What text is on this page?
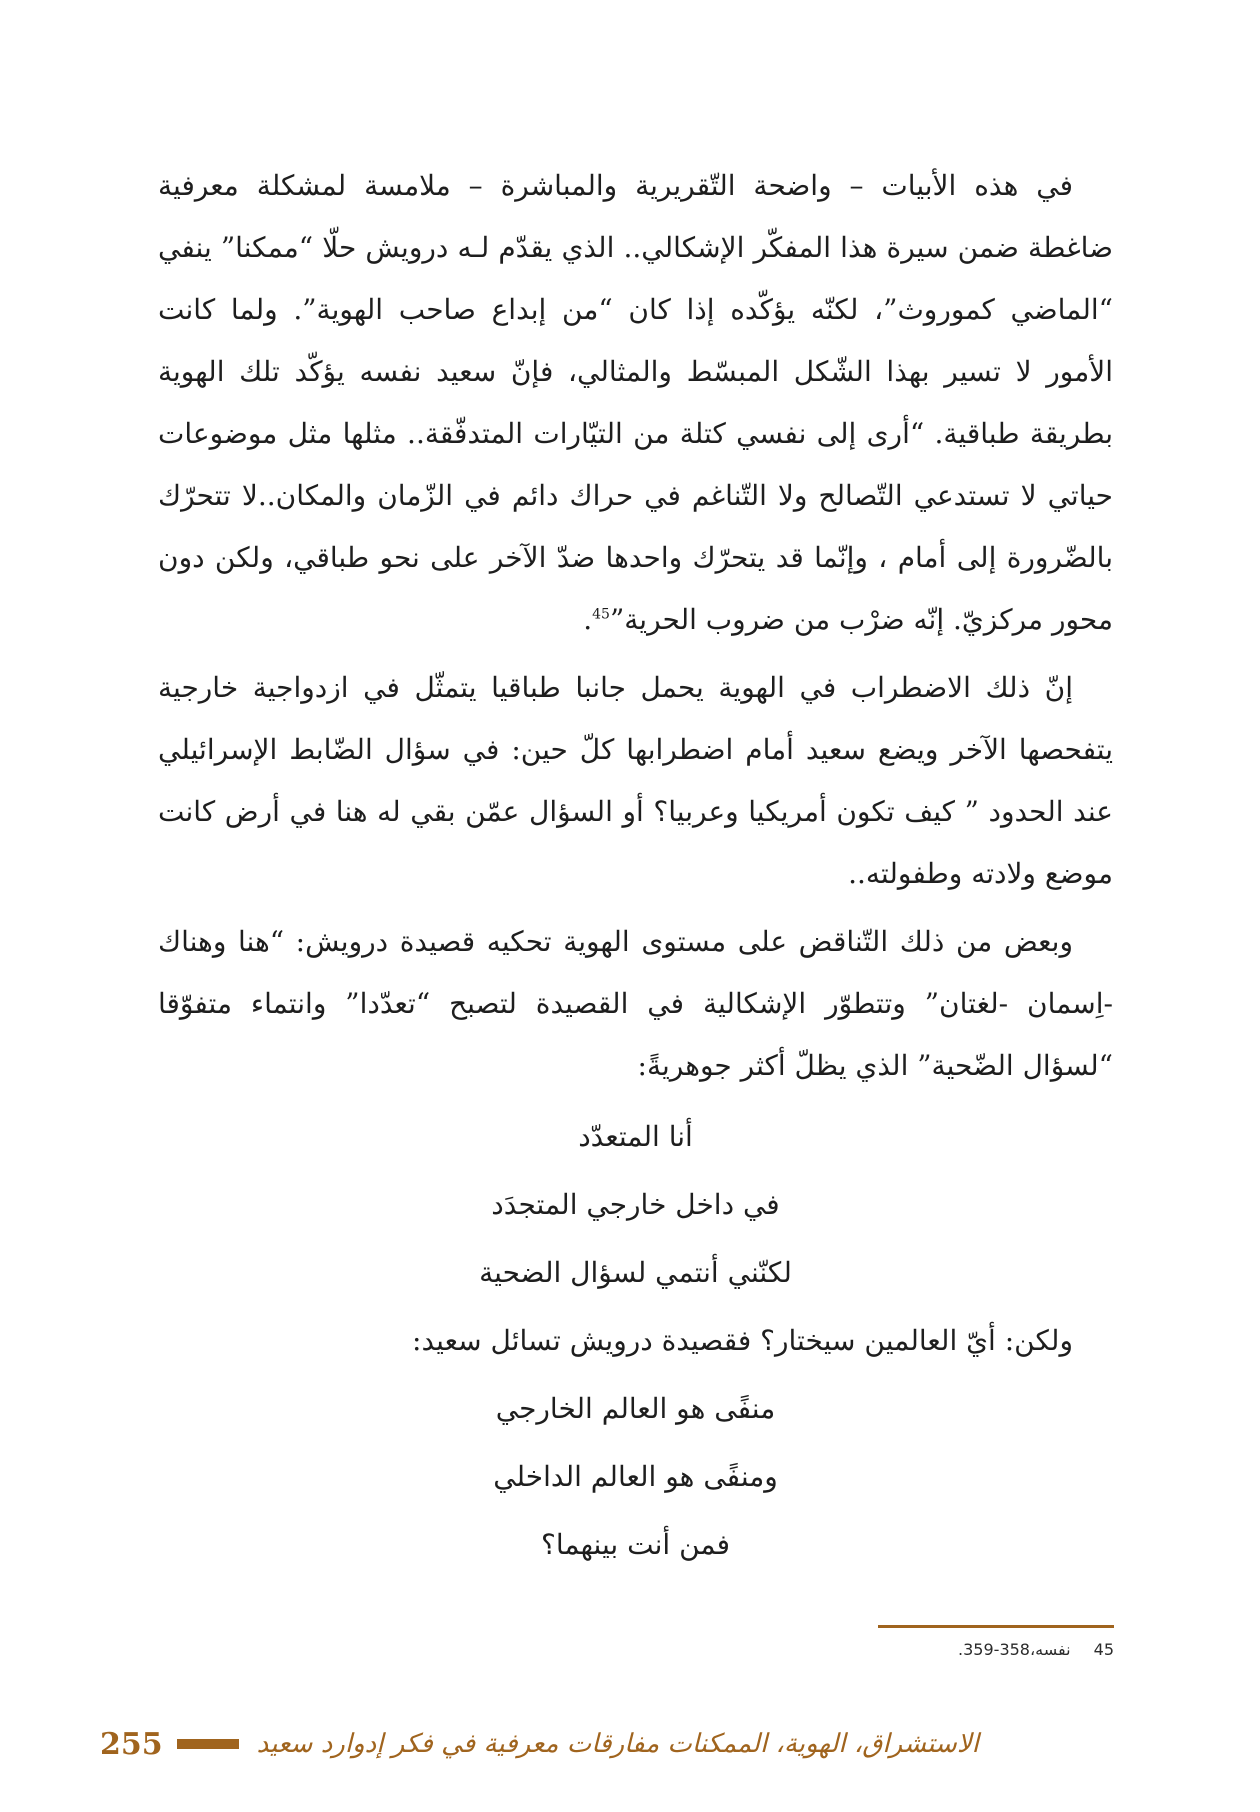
في هذه الأبيات – واضحة التّقريرية والمباشرة – ملامسة لمشكلة معرفية ضاغطة ضمن سيرة هذا المفكّر الإشكالي.. الذي يقدّم لـه درويش حلّا “ممكنا” ينفي “الماضي كموروث”، لكنّه يؤكّده إذا كان “من إبداع صاحب الهوية”. ولما كانت الأمور لا تسير بهذا الشّكل المبسّط والمثالي، فإنّ سعيد نفسه يؤكّد تلك الهوية بطريقة طباقية. “أرى إلى نفسي كتلة من التيّارات المتدفّقة.. مثلها مثل موضوعات حياتي لا تستدعي التّصالح ولا التّناغم في حراك دائم في الزّمان والمكان..لا تتحرّك بالضّرورة إلى أمام ، وإنّما قد يتحرّك واحدها ضدّ الآخر على نحو طباقي، ولكن دون محور مركزيّ. إنّه ضرْب من ضروب الحرية”$^{45}$.

إنّ ذلك الاضطراب في الهوية يحمل جانبا طباقيا يتمثّل في ازدواجية خارجية يتفحصها الآخر ويضع سعيد أمام اضطرابها كلّ حين: في سؤال الضّابط الإسرائيلي عند الحدود ” كيف تكون أمريكيا وعربيا؟ أو السؤال عمّن بقي له هنا في أرض كانت موضع ولادته وطفولته..

وبعض من ذلك التّناقض على مستوى الهوية تحكيه قصيدة درويش: “هنا وهناك -اِسمان -لغتان” وتتطوّر الإشكالية في القصيدة لتصبح “تعدّدا” وانتماء متفوّقا “لسؤال الضّحية” الذي يظلّ أكثر جوهريةً:

أنا المتعدّد

في داخل خارجي المتجدَد

لكنّني أنتمي لسؤال الضحية

ولكن: أيّ العالمين سيختار؟ فقصيدة درويش تسائل سعيد:

منفًى هو العالم الخارجي

ومنفًى هو العالم الداخلي

فمن أنت بينهما؟

45 نفسه،358-359.
255	الاستشراق، الهوية، الممكنات مفارقات معرفية في فكر إدوارد سعيد
